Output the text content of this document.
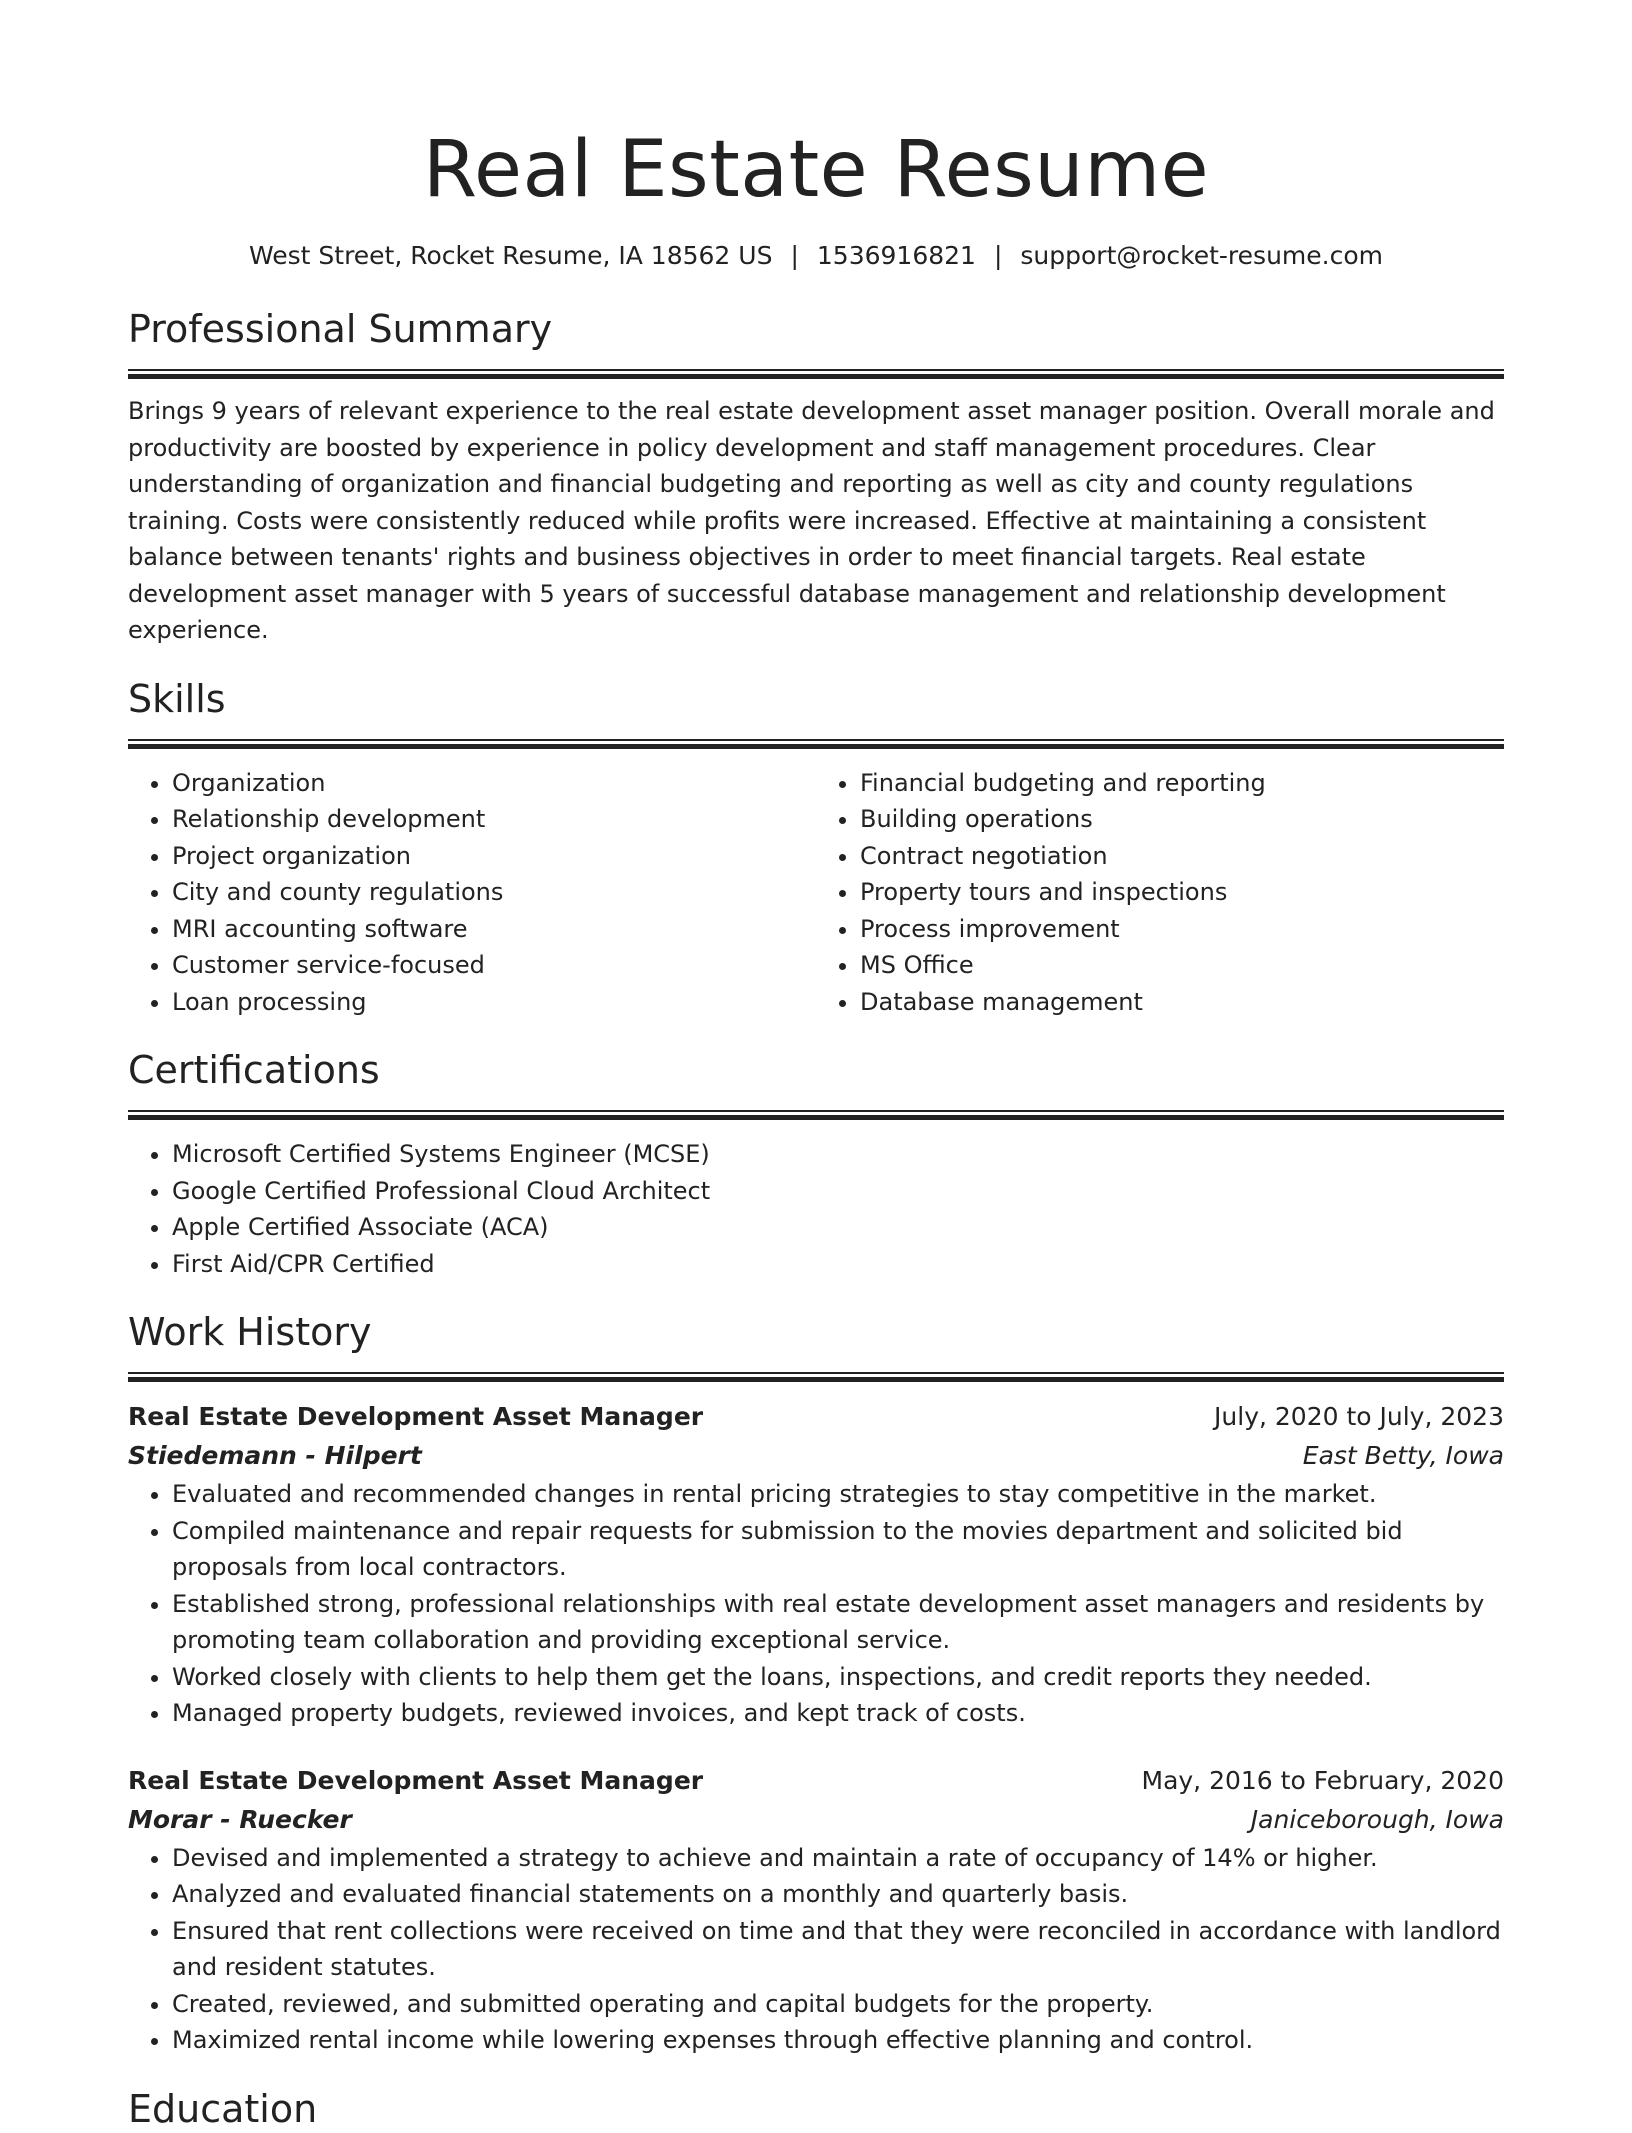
Real Estate Resume
West Street, Rocket Resume, IA 18562 US | 1536916821 | support@rocket-resume.com
Professional Summary

Brings 9 years of relevant experience to the real estate development asset manager position. Overall morale and productivity are boosted by experience in policy development and staff management procedures. Clear understanding of organization and financial budgeting and reporting as well as city and county regulations training. Costs were consistently reduced while profits were increased. Effective at maintaining a consistent balance between tenants' rights and business objectives in order to meet financial targets. Real estate development asset manager with 5 years of successful database management and relationship development experience.

Skills
• Organization
• Relationship development
• Project organization
• City and county regulations
• MRI accounting software
• Customer service-focused
• Loan processing
• Financial budgeting and reporting
• Building operations
• Contract negotiation
• Property tours and inspections
• Process improvement
• MS Office
• Database management
Certifications
• Microsoft Certified Systems Engineer (MCSE)
• Google Certified Professional Cloud Architect
• Apple Certified Associate (ACA)
• First Aid/CPR Certified
Work History
Real Estate Development Asset Manager	July, 2020 to July, 2023
Stiedemann - Hilpert	East Betty, Iowa
• Evaluated and recommended changes in rental pricing strategies to stay competitive in the market.
• Compiled maintenance and repair requests for submission to the movies department and solicited bid proposals from local contractors.
• Established strong, professional relationships with real estate development asset managers and residents by promoting team collaboration and providing exceptional service.
• Worked closely with clients to help them get the loans, inspections, and credit reports they needed.
• Managed property budgets, reviewed invoices, and kept track of costs.
Real Estate Development Asset Manager	May, 2016 to February, 2020
Morar - Ruecker	Janiceborough, Iowa
• Devised and implemented a strategy to achieve and maintain a rate of occupancy of 14% or higher.
• Analyzed and evaluated financial statements on a monthly and quarterly basis.
• Ensured that rent collections were received on time and that they were reconciled in accordance with landlord and resident statutes.
• Created, reviewed, and submitted operating and capital budgets for the property.
• Maximized rental income while lowering expenses through effective planning and control.
Education
